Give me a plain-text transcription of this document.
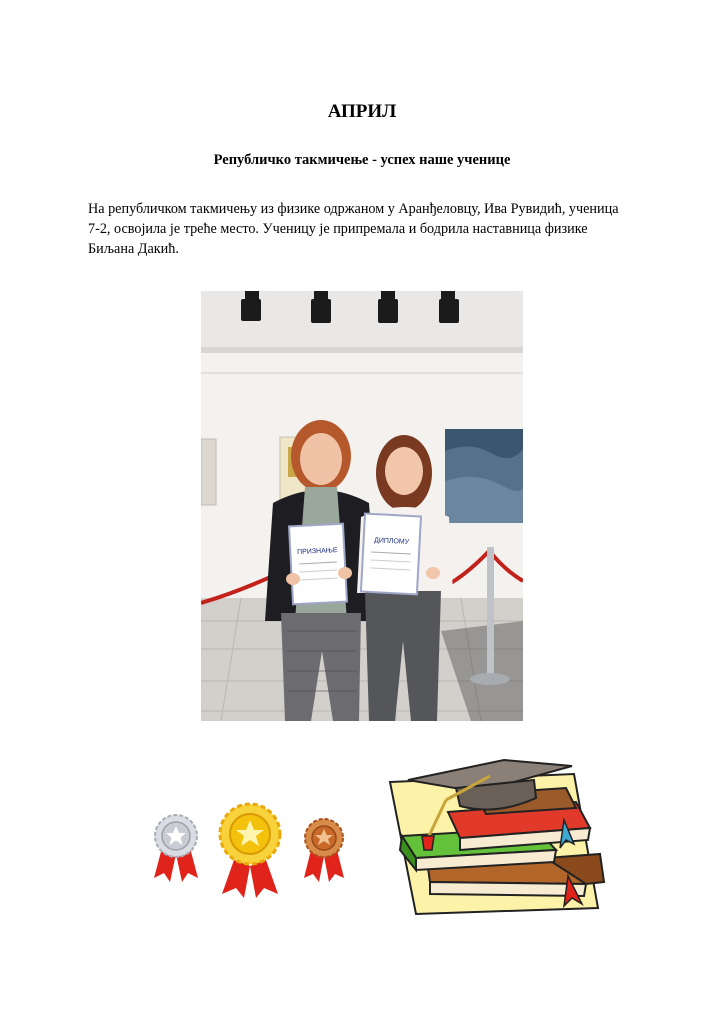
АПРИЛ
Републичко такмичење - успех наше ученице

На републичком такмичењу из физике одржаном у Аранђеловцу, Ива Рувидић, ученица
7-2, освојила је треће место. Ученицу је припремала и бодрила наставница физике
Биљана Дакић.

ПРИЗНАЊЕ
ДИПЛОМУ
